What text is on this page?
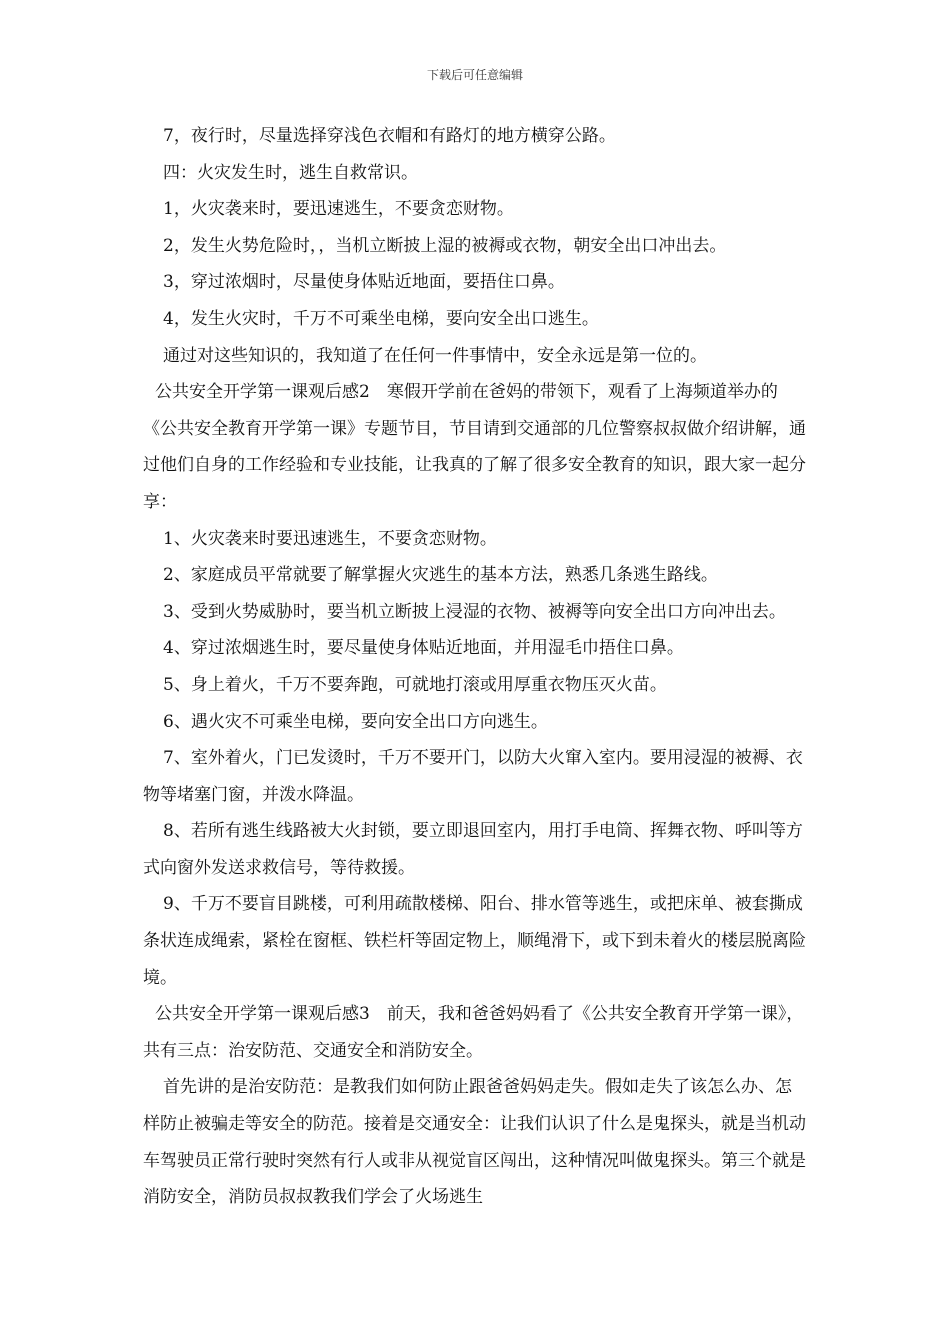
下载后可任意编辑

7，夜行时，尽量选择穿浅色衣帽和有路灯的地方横穿公路。

四：火灾发生时，逃生自救常识。

1，火灾袭来时，要迅速逃生，不要贪恋财物。

2，发生火势危险时，，当机立断披上湿的被褥或衣物，朝安全出口冲出去。

3，穿过浓烟时，尽量使身体贴近地面，要捂住口鼻。

4，发生火灾时，千万不可乘坐电梯，要向安全出口逃生。

通过对这些知识的，我知道了在任何一件事情中，安全永远是第一位的。

公共安全开学第一课观后感2　寒假开学前在爸妈的带领下，观看了上海频道举办的《公共安全教育开学第一课》专题节目，节目请到交通部的几位警察叔叔做介绍讲解，通过他们自身的工作经验和专业技能，让我真的了解了很多安全教育的知识，跟大家一起分享：

1、火灾袭来时要迅速逃生，不要贪恋财物。

2、家庭成员平常就要了解掌握火灾逃生的基本方法，熟悉几条逃生路线。

3、受到火势威胁时，要当机立断披上浸湿的衣物、被褥等向安全出口方向冲出去。

4、穿过浓烟逃生时，要尽量使身体贴近地面，并用湿毛巾捂住口鼻。

5、身上着火，千万不要奔跑，可就地打滚或用厚重衣物压灭火苗。

6、遇火灾不可乘坐电梯，要向安全出口方向逃生。

7、室外着火，门已发烫时，千万不要开门，以防大火窜入室内。要用浸湿的被褥、衣物等堵塞门窗，并泼水降温。

8、若所有逃生线路被大火封锁，要立即退回室内，用打手电筒、挥舞衣物、呼叫等方式向窗外发送求救信号，等待救援。

9、千万不要盲目跳楼，可利用疏散楼梯、阳台、排水管等逃生，或把床单、被套撕成条状连成绳索，紧栓在窗框、铁栏杆等固定物上，顺绳滑下，或下到未着火的楼层脱离险境。

公共安全开学第一课观后感3　前天，我和爸爸妈妈看了《公共安全教育开学第一课》，共有三点：治安防范、交通安全和消防安全。

首先讲的是治安防范：是教我们如何防止跟爸爸妈妈走失。假如走失了该怎么办、怎样防止被骗走等安全的防范。接着是交通安全：让我们认识了什么是鬼探头，就是当机动车驾驶员正常行驶时突然有行人或非从视觉盲区闯出，这种情况叫做鬼探头。第三个就是消防安全，消防员叔叔教我们学会了火场逃生
